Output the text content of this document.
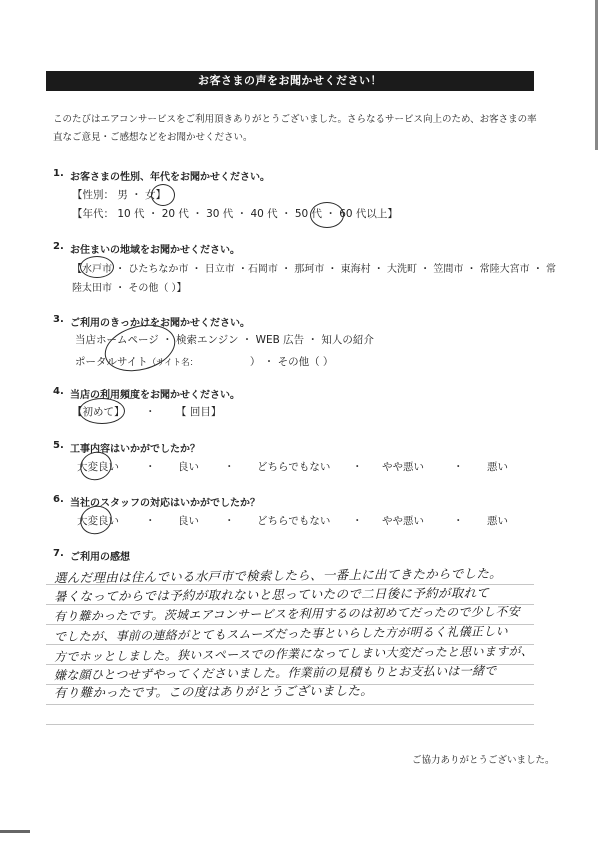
お客さまの声をお聞かせください！
このたびはエアコンサービスをご利用頂きありがとうございました。さらなるサービス向上のため、お客さまの率
直なご意見・ご感想などをお聞かせください。
1. お客さまの性別、年代をお聞かせください。
【性別： 男 ・ 女】
【年代： 10 代 ・ 20 代 ・ 30 代 ・ 40 代 ・ 50 代 ・ 60 代以上】
2. お住まいの地域をお聞かせください。
【水戸市 ・ ひたちなか市 ・ 日立市 ・石岡市 ・ 那珂市 ・ 東海村 ・ 大洗町 ・ 笠間市 ・ 常陸大宮市 ・ 常
陸太田市 ・ その他（ ）】
3. ご利用のきっかけをお聞かせください。
当店ホームページ ・ 検索エンジン ・ WEB 広告 ・ 知人の紹介
ポータルサイト（サイト名：	） ・ その他（ ）
4. 当店の利用頻度をお聞かせください。
【初めて】 ・ 【 回目】
5. 工事内容はいかがでしたか？
大変良い ・ 良い ・ どちらでもない ・ やや悪い	・ 悪い
6. 当社のスタッフの対応はいかがでしたか？
大変良い ・ 良い ・ どちらでもない ・ やや悪い	・ 悪い
7. ご利用の感想
選んだ理由は住んでいる水戸市で検索したら、一番上に出てきたからでした。
暑くなってからでは予約が取れないと思っていたので二日後に予約が取れて
有り難かったです。茨城エアコンサービスを利用するのは初めてだったので少し不安
でしたが、事前の連絡がとてもスムーズだった事といらした方が明るく礼儀正しい
方でホッとしました。狭いスペースでの作業になってしまい大変だったと思いますが、
嫌な顔ひとつせずやってくださいました。作業前の見積もりとお支払いは一緒で
有り難かったです。この度はありがとうございました。
ご協力ありがとうございました。
